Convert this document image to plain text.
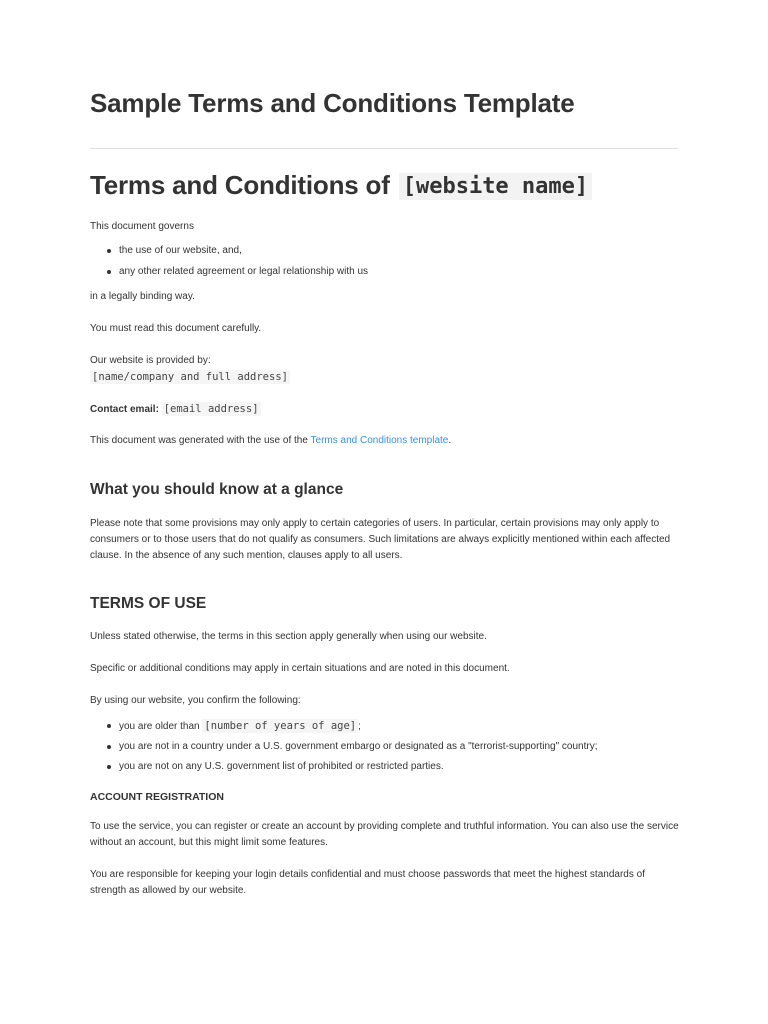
Sample Terms and Conditions Template
Terms and Conditions of [website name]

This document governs

the use of our website, and,
any other related agreement or legal relationship with us

in a legally binding way.

You must read this document carefully.

Our website is provided by:

[name/company and full address]

Contact email: [email address]

This document was generated with the use of the Terms and Conditions template.

What you should know at a glance

Please note that some provisions may only apply to certain categories of users. In particular, certain provisions may only apply to consumers or to those users that do not qualify as consumers. Such limitations are always explicitly mentioned within each affected clause. In the absence of any such mention, clauses apply to all users.

TERMS OF USE

Unless stated otherwise, the terms in this section apply generally when using our website.

Specific or additional conditions may apply in certain situations and are noted in this document.

By using our website, you confirm the following:

you are older than [number of years of age] ;
you are not in a country under a U.S. government embargo or designated as a "terrorist-supporting" country;
you are not on any U.S. government list of prohibited or restricted parties.
ACCOUNT REGISTRATION

To use the service, you can register or create an account by providing complete and truthful information. You can also use the service without an account, but this might limit some features.

You are responsible for keeping your login details confidential and must choose passwords that meet the highest standards of strength as allowed by our website.
